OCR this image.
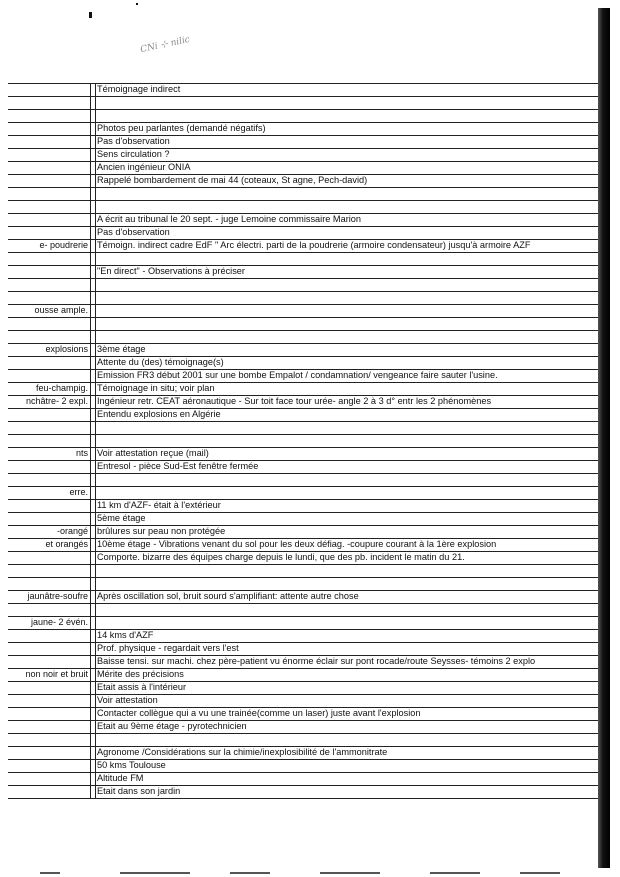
CNi ⊹ nilic
Témoignage indirect
Photos peu parlantes (demandé négatifs)
Pas d'observation
Sens circulation ?
Ancien ingénieur ONIA
Rappelé bombardement de mai 44 (coteaux, St agne, Pech-david)
A écrit au tribunal le 20 sept. - juge Lemoine commissaire Marion
Pas d'observation
e- poudrerie Témoign. indirect cadre EdF " Arc électri. parti de la poudrerie (armoire condensateur) jusqu'à armoire AZF
"En direct" - Observations à préciser
ousse ample.
explosions 3ème étage
Attente du (des) témoignage(s)
Emission FR3 début 2001 sur une bombe Empalot / condamnation/ vengeance faire sauter l'usine.
feu-champig. Témoignage in situ; voir plan
nchâtre- 2 expl. Ingénieur retr. CEAT aéronautique - Sur toit face tour urée- angle 2 à 3 d° entr les 2 phénomènes
Entendu explosions en Algérie
nts Voir attestation reçue (mail)
Entresol - pièce Sud-Est fenêtre fermée
erre.
11 km d'AZF- était à l'extérieur
5ème étage
-orangé brûlures sur peau non protégée
et orangés 10ème étage - Vibrations venant du sol pour les deux défiag. -coupure courant à la 1ère explosion
Comporte. bizarre des équipes charge depuis le lundi, que des pb. incident le matin du 21.
jaunâtre-soufre Après oscillation sol, bruit sourd s'amplifiant: attente autre chose
jaune- 2 évén.
14 kms d'AZF
Prof. physique - regardait vers l'est
Baisse tensi. sur machi. chez père-patient vu énorme éclair sur pont rocade/route Seysses- témoins 2 explo
non noir et bruit Mérite des précisions
Etait assis à l'intérieur
Voir attestation
Contacter collègue qui a vu une trainée(comme un laser) juste avant l'explosion
Etait au 9ème étage - pyrotechnicien
Agronome /Considérations sur la chimie/inexplosibilité de l'ammonitrate
50 kms Toulouse
Altitude FM
Etait dans son jardin
